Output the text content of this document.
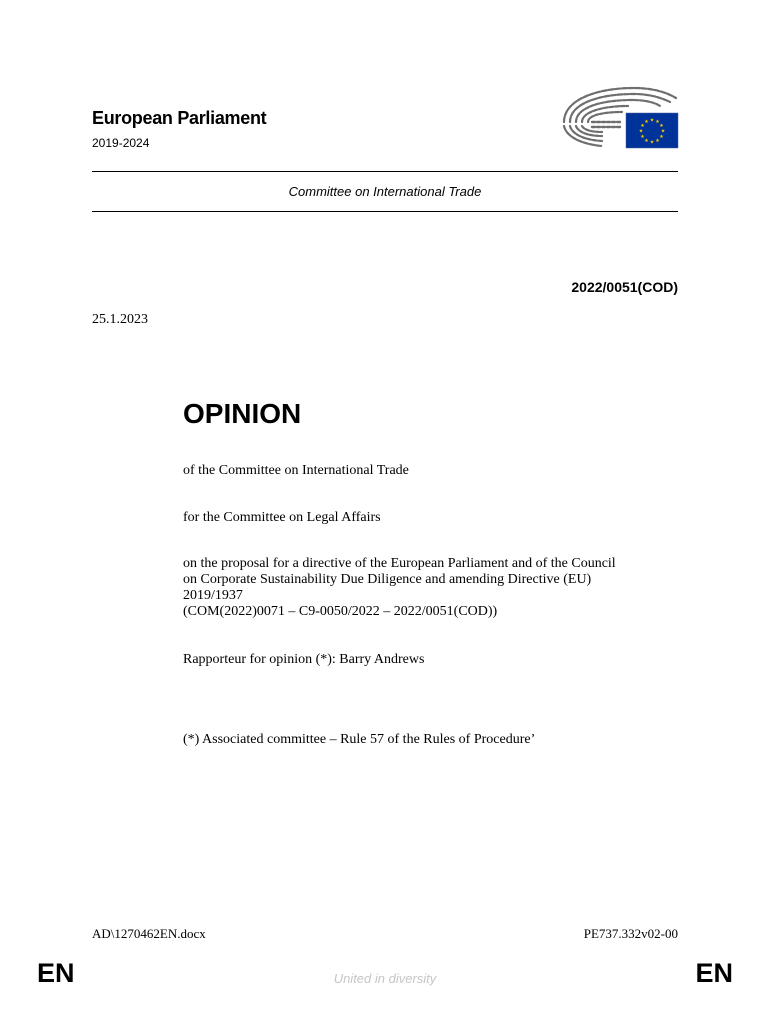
European Parliament
2019-2024
★ ★
★
★
★
★
★
★
★
★
★
★
Committee on International Trade
2022/0051(COD)
25.1.2023
OPINION
of the Committee on International Trade
for the Committee on Legal Affairs
on the proposal for a directive of the European Parliament and of the Council
on Corporate Sustainability Due Diligence and amending Directive (EU)
2019/1937
(COM(2022)0071 – C9-0050/2022 – 2022/0051(COD))
Rapporteur for opinion (*): Barry Andrews
(*) Associated committee – Rule 57 of the Rules of Procedure’
AD\1270462EN.docx	PE737.332v02-00
EN	United in diversity	EN
